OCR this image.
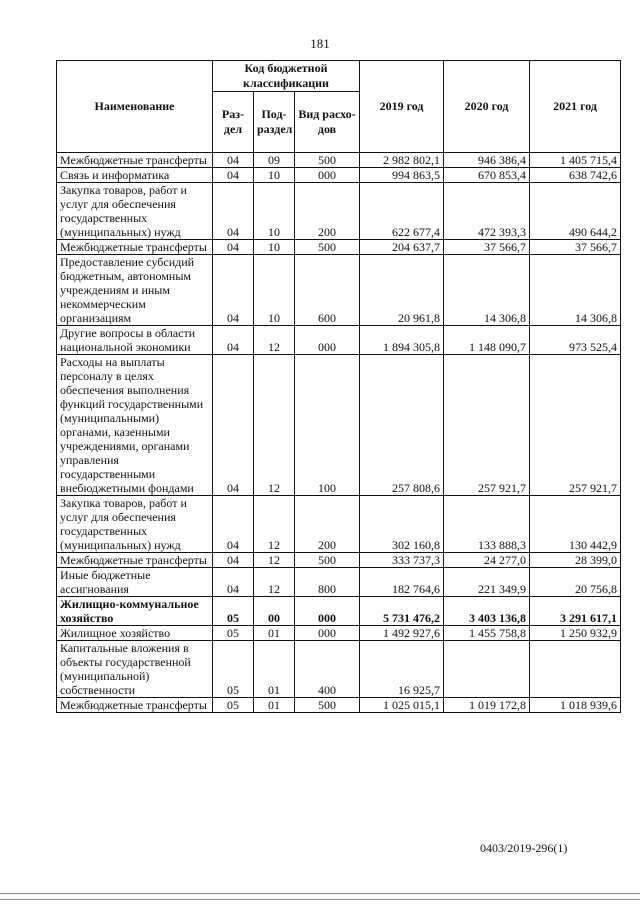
181
Наименование	Код бюджетной классификации			2019 год	2020 год	2021 год
	Раз-дел	Под-раздел	Вид расхо-дов			
Межбюджетные трансферты	04	09	500	2 982 802,1	946 386,4	1 405 715,4
Связь и информатика	04	10	000	994 863,5	670 853,4	638 742,6
Закупка товаров, работ и услуг для обеспечения государственных (муниципальных) нужд	04	10	200	622 677,4	472 393,3	490 644,2
Межбюджетные трансферты	04	10	500	204 637,7	37 566,7	37 566,7
Предоставление субсидий бюджетным, автономным учреждениям и иным некоммерческим организациям	04	10	600	20 961,8	14 306,8	14 306,8
Другие вопросы в области национальной экономики	04	12	000	1 894 305,8	1 148 090,7	973 525,4
Расходы на выплаты персоналу в целях обеспечения выполнения функций государственными (муниципальными) органами, казенными учреждениями, органами управления государственными внебюджетными фондами	04	12	100	257 808,6	257 921,7	257 921,7
Закупка товаров, работ и услуг для обеспечения государственных (муниципальных) нужд	04	12	200	302 160,8	133 888,3	130 442,9
Межбюджетные трансферты	04	12	500	333 737,3	24 277,0	28 399,0
Иные бюджетные ассигнования	04	12	800	182 764,6	221 349,9	20 756,8
Жилищно-коммунальное хозяйство	05	00	000	5 731 476,2	3 403 136,8	3 291 617,1
Жилищное хозяйство	05	01	000	1 492 927,6	1 455 758,8	1 250 932,9
Капитальные вложения в объекты государственной (муниципальной) собственности	05	01	400	16 925,7		
Межбюджетные трансферты	05	01	500	1 025 015,1	1 019 172,8	1 018 939,6
0403/2019-296(1)
